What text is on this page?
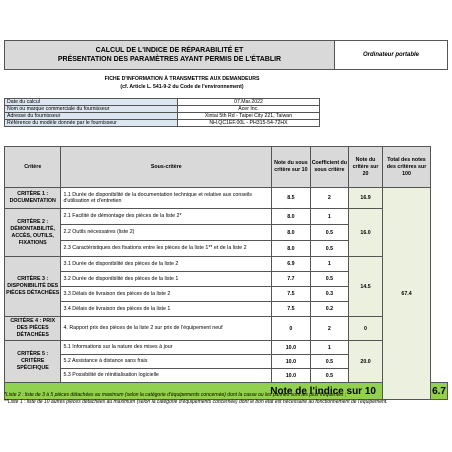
CALCUL DE L'INDICE DE RÉPARABILITÉ ET
PRÉSENTATION DES PARAMÈTRES AYANT PERMIS DE L'ÉTABLIR
	Ordinateur portable
FICHE D'INFORMATION À TRANSMETTRE AUX DEMANDEURS
(cf. Article L. 541-9-2 du Code de l'environnement)
Date du calcul	07.Mar.2022
Nom ou marque commerciale du fournisseur	Acer Inc.
Adresse du fournisseur	Xintai 5th Rd - Taipei City 221, Taiwan
Référence du modèle donnée par le fournisseur	NH.QC1EF.00L - PH315-54-72HX
Critère	Sous-critère	Note du sous critère sur 10	Coefficient du sous critère	Note du critère sur 20	Total des notes des critères sur 100	
CRITÈRE 1 : DOCUMENTATION	1.1 Durée de disponibilité de la documentation technique et relative aux conseils d'utilisation et d'entretien	8.5	2	16.9	67.4	
CRITÈRE 2 : DÉMONTABILITÉ, ACCÈS, OUTILS, FIXATIONS	2.1 Facilité de démontage des pièces de la liste 2*	8.0	1	16.0		
	2.2 Outils nécessaires (liste 2)	8.0	0.5			
	2.3 Caractéristiques des fixations entre les pièces de la liste 1** et de la liste 2	8.0	0.5			
CRITÈRE 3 : DISPONIBILITÉ DES PIÈCES DÉTACHÉES	3.1 Durée de disponibilité des pièces de la liste 2	6.9	1	14.5		
	3.2 Durée de disponibilité des pièces de la liste 1	7.7	0.5			
	3.3 Délais de livraison des pièces de la liste 2	7.5	0.3			
	3.4 Délais de livraison des pièces de la liste 1	7.5	0.2			
CRITÈRE 4 : PRIX DES PIÈCES DÉTACHÉES	4. Rapport prix des pièces de la liste 2 sur prix de l'équipement neuf	0	2	0		
CRITÈRE 5 : CRITÈRE SPÉCIFIQUE	5.1 Informations sur la nature des mises à jour	10.0	1	20.0		
	5.2 Assistance à distance sans frais	10.0	0.5			
	5.3 Possibilité de réinitialisation logicielle	10.0	0.5			
Note de l'indice sur 10						6.7
*Liste 2 : liste de 3 à 5 pièces détachées au maximum (selon la catégorie d'équipements concernée) dont la casse ou les pannes sont les plus fréquentes ;
**Liste 1 : liste de 10 autres pièces détachées au maximum (selon la catégorie d'équipements concernée) dont le bon état est nécessaire au fonctionnement de l'équipement.
